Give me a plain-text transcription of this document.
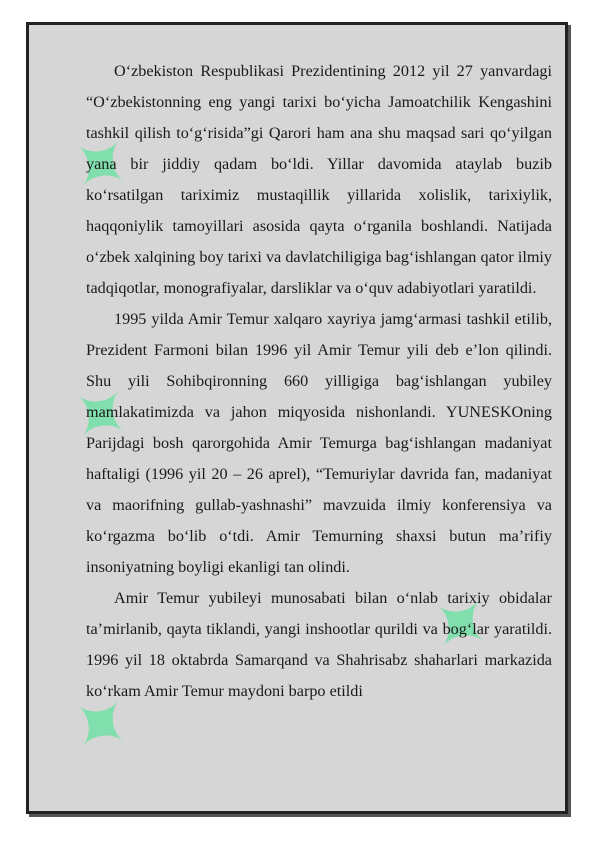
✦
✦
✦
✦

O‘zbekiston Respublikasi Prezidentining 2012 yil 27 yanvardagi “O‘zbekistonning eng yangi tarixi bo‘yicha Jamoatchilik Kengashini tashkil qilish to‘g‘risida”gi Qarori ham ana shu maqsad sari qo‘yilgan yana bir jiddiy qadam bo‘ldi. Yillar davomida ataylab buzib ko‘rsatilgan tariximiz mustaqillik yillarida xolislik, tarixiylik, haqqoniylik tamoyillari asosida qayta o‘rganila boshlandi. Natijada o‘zbek xalqining boy tarixi va davlatchiligiga bag‘ishlangan qator ilmiy tadqiqotlar, monografiyalar, darsliklar va o‘quv adabiyotlari yaratildi.

1995 yilda Amir Temur xalqaro xayriya jamg‘armasi tashkil etilib, Prezident Farmoni bilan 1996 yil Amir Temur yili deb e’lon qilindi. Shu yili Sohibqironning 660 yilligiga bag‘ishlangan yubiley mamlakatimizda va jahon miqyosida nishonlandi. YUNESKOning Parijdagi bosh qarorgohida Amir Temurga bag‘ishlangan madaniyat haftaligi (1996 yil 20 – 26 aprel), “Temuriylar davrida fan, madaniyat va maorifning gullab-yashnashi” mavzuida ilmiy konferensiya va ko‘rgazma bo‘lib o‘tdi. Amir Temurning shaxsi butun ma’rifiy insoniyatning boyligi ekanligi tan olindi.

Amir Temur yubileyi munosabati bilan o‘nlab tarixiy obidalar ta’mirlanib, qayta tiklandi, yangi inshootlar qurildi va bog‘lar yaratildi. 1996 yil 18 oktabrda Samarqand va Shahrisabz shaharlari markazida ko‘rkam Amir Temur maydoni barpo etildi
